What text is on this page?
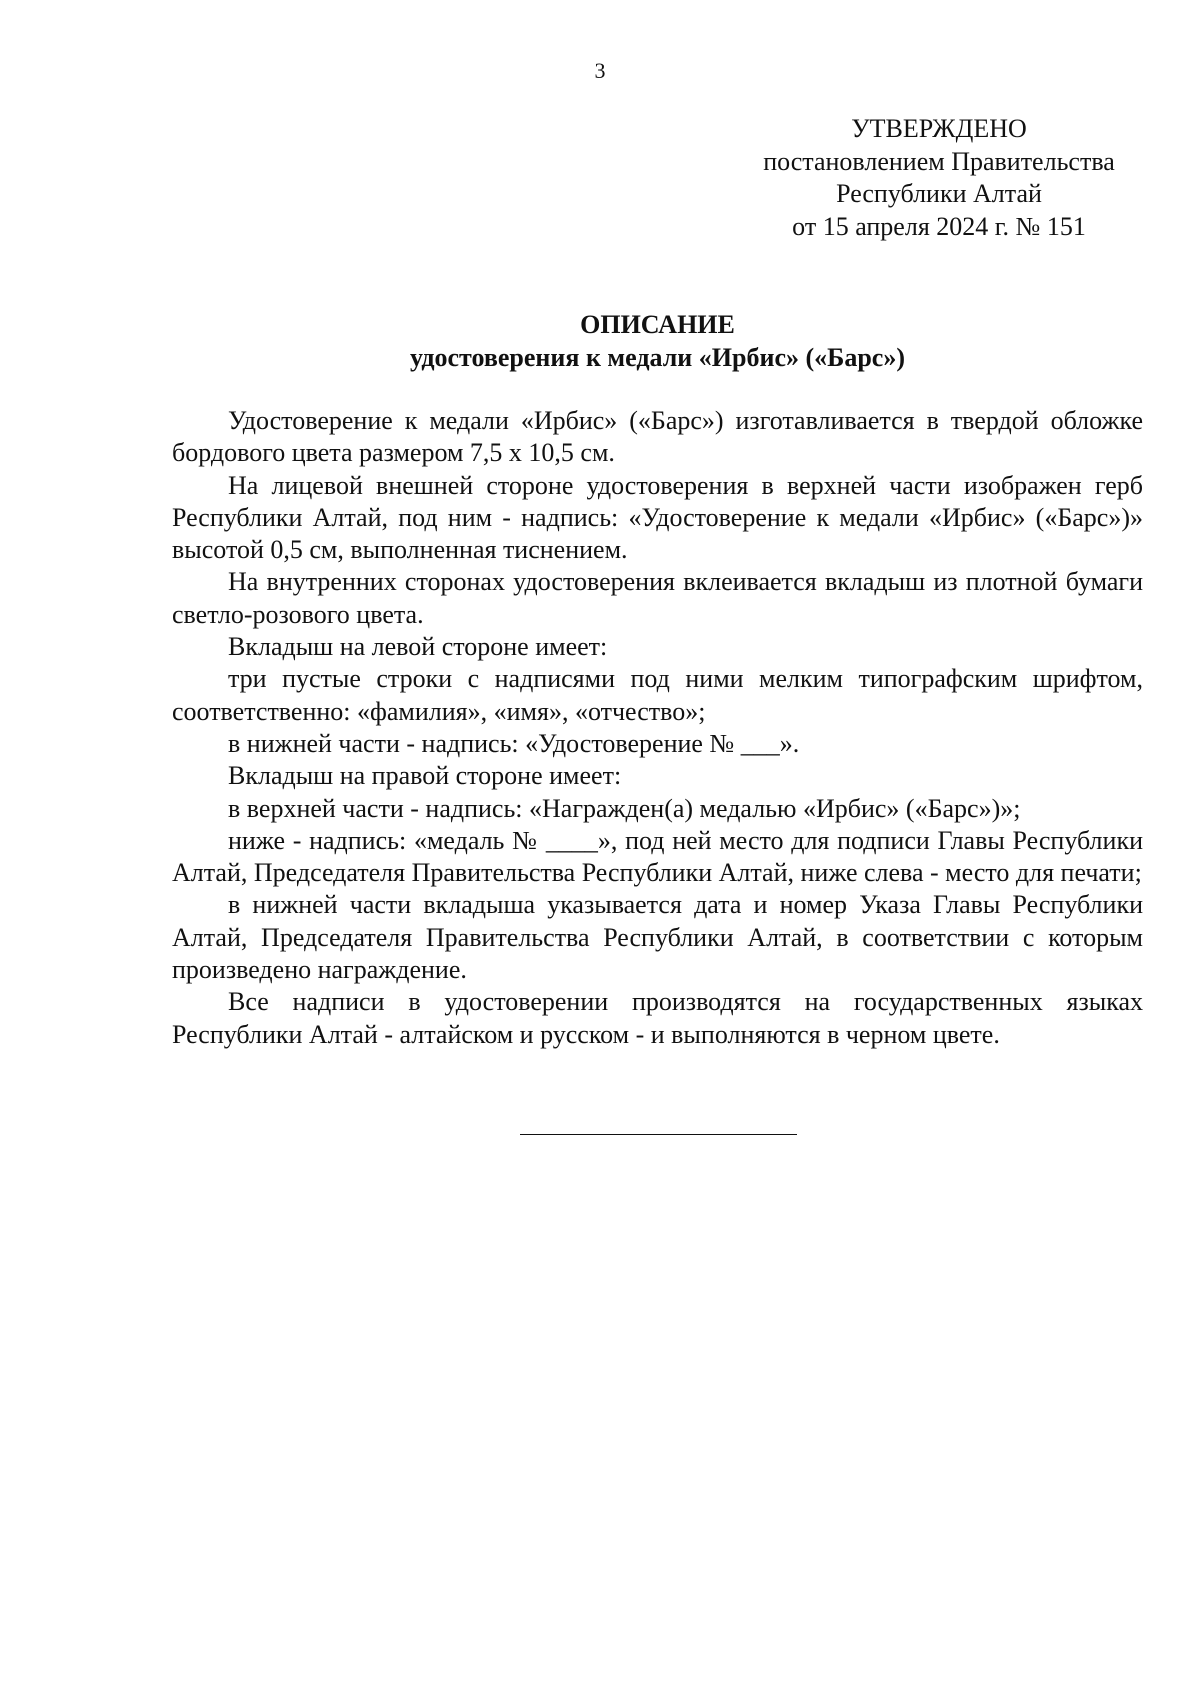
3
УТВЕРЖДЕНО
постановлением Правительства
Республики Алтай
от 15 апреля 2024 г. № 151
ОПИСАНИЕ
удостоверения к медали «Ирбис» («Барс»)

Удостоверение к медали «Ирбис» («Барс») изготавливается в твердой обложке бордового цвета размером 7,5 х 10,5 см.

На лицевой внешней стороне удостоверения в верхней части изображен герб Республики Алтай, под ним - надпись: «Удостоверение к медали «Ирбис» («Барс»)» высотой 0,5 см, выполненная тиснением.

На внутренних сторонах удостоверения вклеивается вкладыш из плотной бумаги светло-розового цвета.

Вкладыш на левой стороне имеет:

три пустые строки с надписями под ними мелким типографским шрифтом, соответственно: «фамилия», «имя», «отчество»;

в нижней части - надпись: «Удостоверение № ___».

Вкладыш на правой стороне имеет:

в верхней части - надпись: «Награжден(а) медалью «Ирбис» («Барс»)»;

ниже - надпись: «медаль № ____», под ней место для подписи Главы Республики Алтай, Председателя Правительства Республики Алтай, ниже слева - место для печати;

в нижней части вкладыша указывается дата и номер Указа Главы Республики Алтай, Председателя Правительства Республики Алтай, в соответствии с которым произведено награждение.

Все надписи в удостоверении производятся на государственных языках Республики Алтай - алтайском и русском - и выполняются в черном цвете.
